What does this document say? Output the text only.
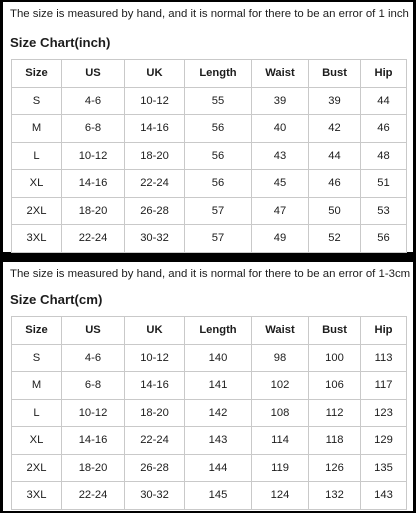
The size is measured by hand, and it is normal for there to be an error of 1 inch
Size Chart(inch)
Size	US	UK	Length	Waist	Bust	Hip
S	4-6	10-12	55	39	39	44
M	6-8	14-16	56	40	42	46
L	10-12	18-20	56	43	44	48
XL	14-16	22-24	56	45	46	51
2XL	18-20	26-28	57	47	50	53
3XL	22-24	30-32	57	49	52	56
The size is measured by hand, and it is normal for there to be an error of 1-3cm
Size Chart(cm)
Size	US	UK	Length	Waist	Bust	Hip
S	4-6	10-12	140	98	100	113
M	6-8	14-16	141	102	106	117
L	10-12	18-20	142	108	112	123
XL	14-16	22-24	143	114	118	129
2XL	18-20	26-28	144	119	126	135
3XL	22-24	30-32	145	124	132	143
